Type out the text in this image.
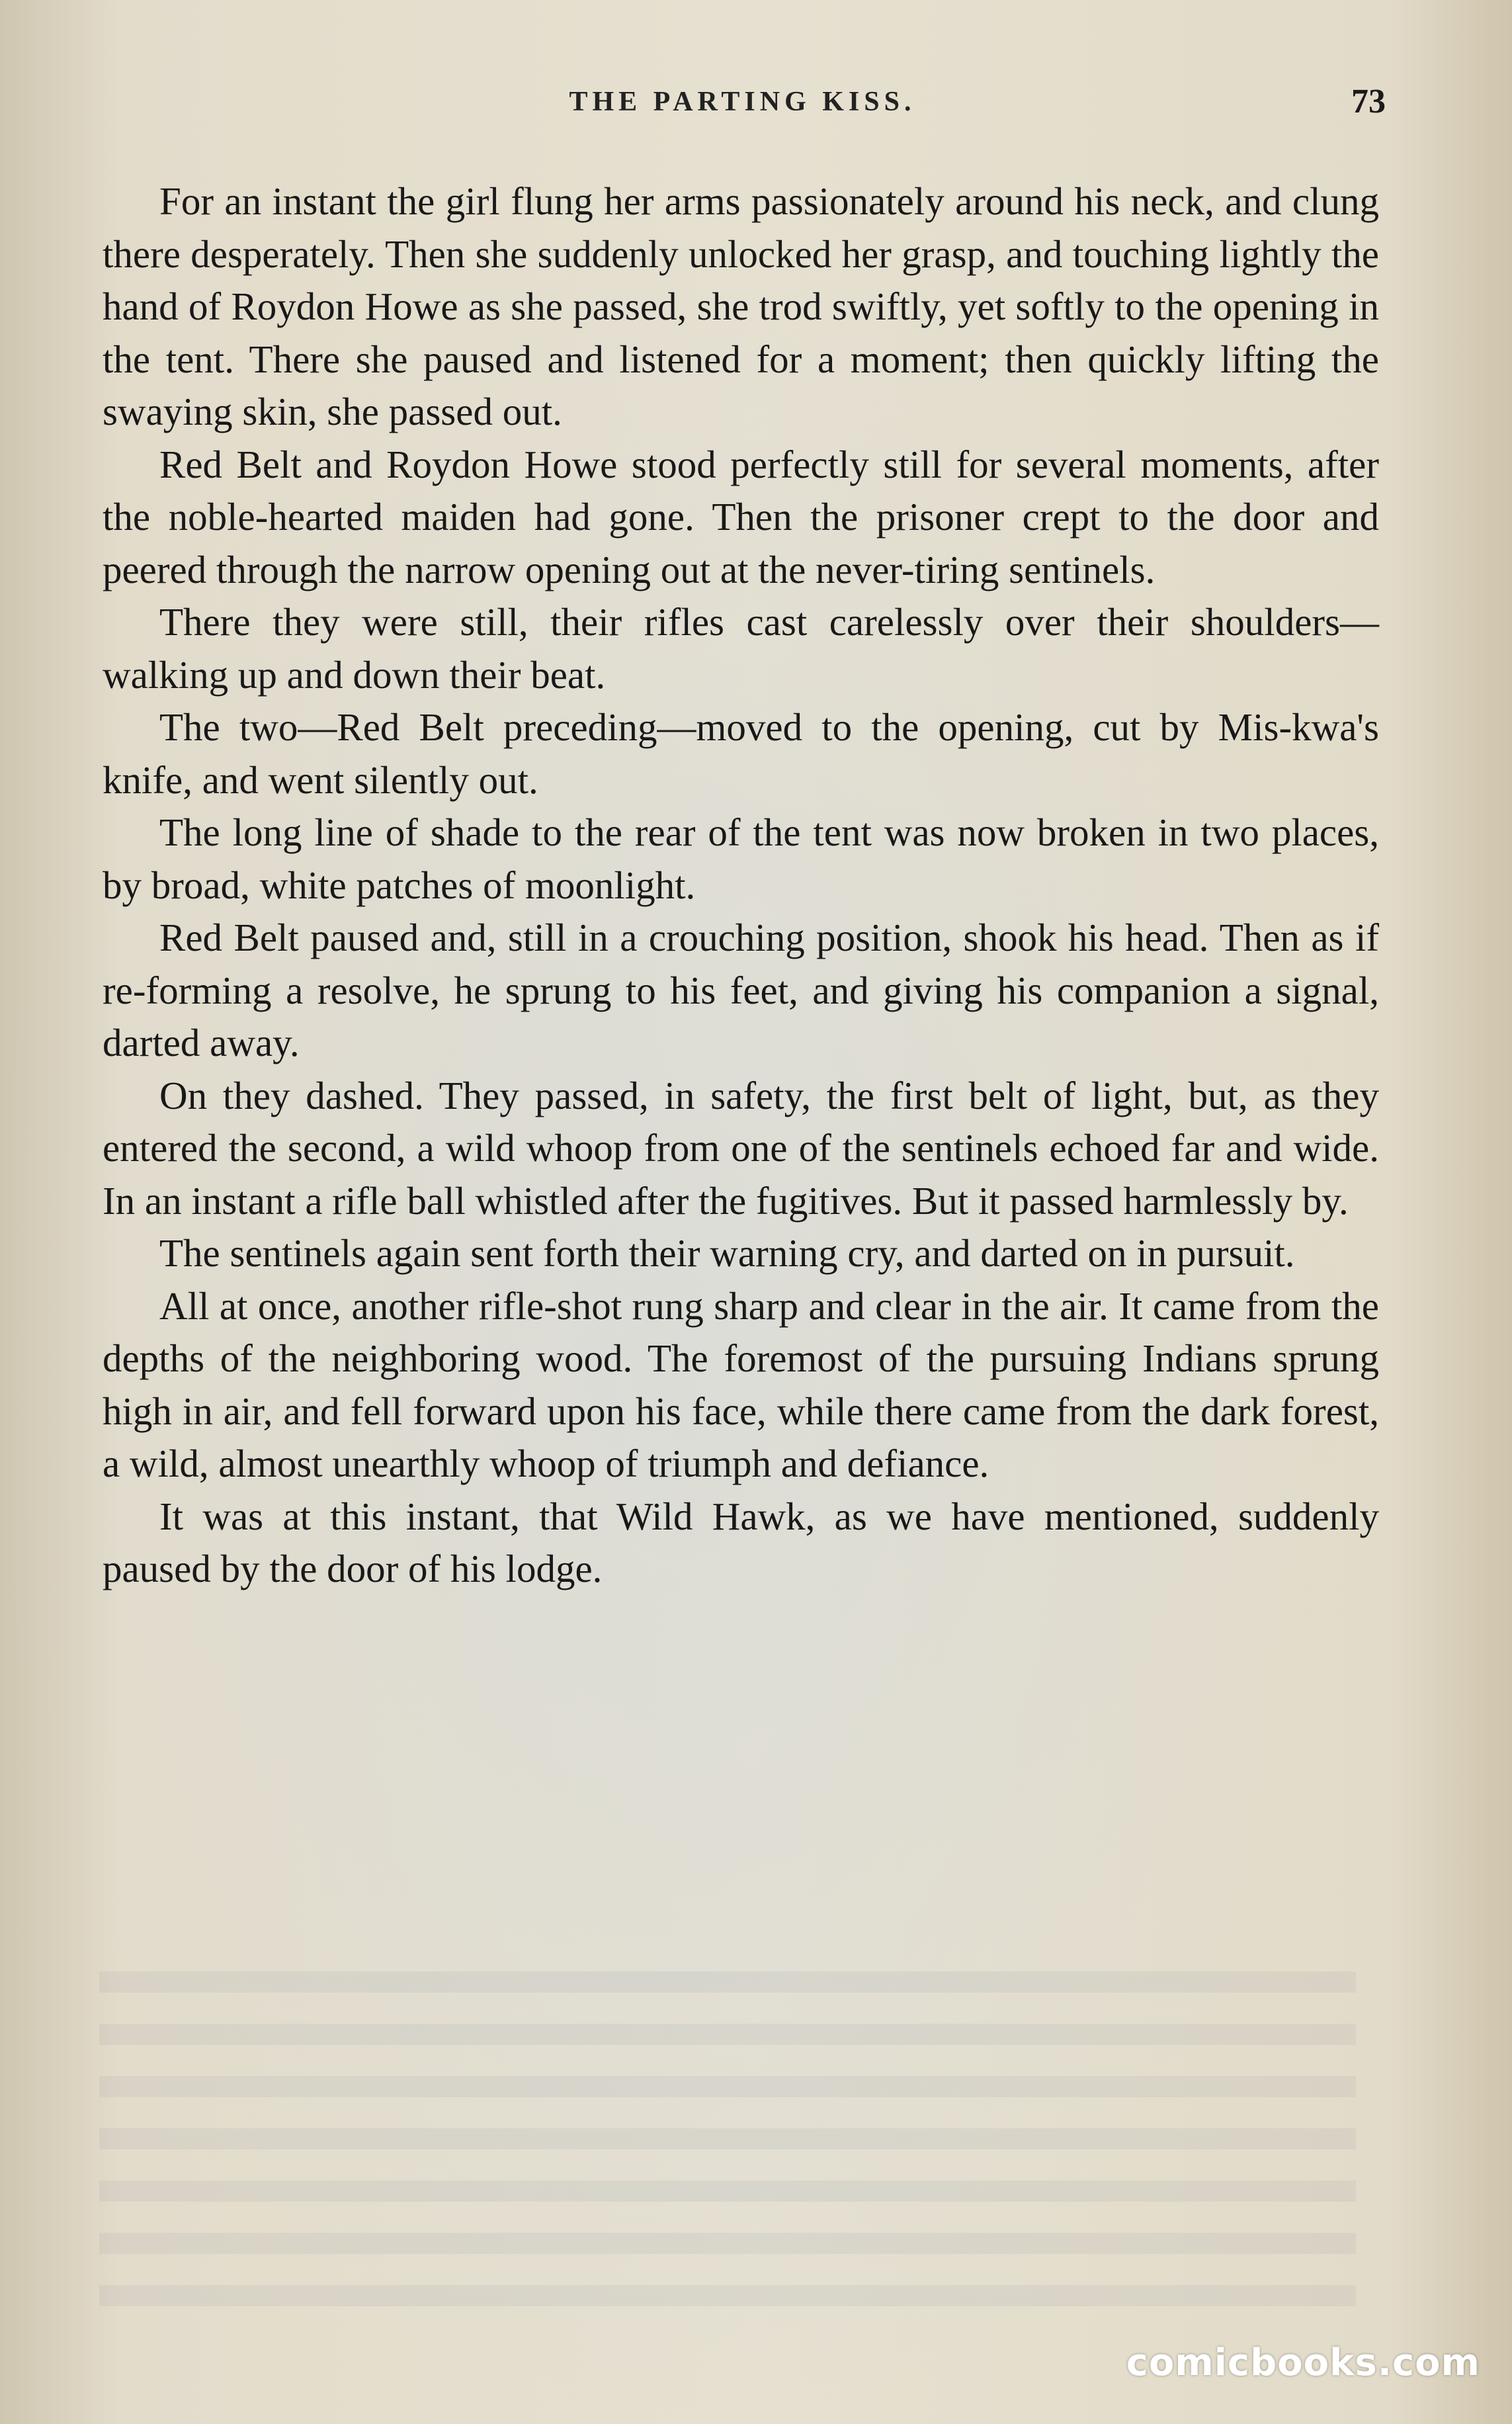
THE PARTING KISS.	73

For an instant the girl flung her arms passionately around his neck, and clung there desperately. Then she suddenly unlocked her grasp, and touching lightly the hand of Roydon Howe as she passed, she trod swiftly, yet softly to the opening in the tent. There she paused and listened for a moment; then quickly lifting the swaying skin, she passed out.

Red Belt and Roydon Howe stood perfectly still for several moments, after the noble-hearted maiden had gone. Then the prisoner crept to the door and peered through the narrow opening out at the never-tiring sentinels.

There they were still, their rifles cast carelessly over their shoulders—walking up and down their beat.

The two—Red Belt preceding—moved to the opening, cut by Mis-kwa's knife, and went silently out.

The long line of shade to the rear of the tent was now broken in two places, by broad, white patches of moonlight.

Red Belt paused and, still in a crouching position, shook his head. Then as if re-forming a resolve, he sprung to his feet, and giving his companion a signal, darted away.

On they dashed. They passed, in safety, the first belt of light, but, as they entered the second, a wild whoop from one of the sentinels echoed far and wide. In an instant a rifle ball whistled after the fugitives. But it passed harmlessly by.

The sentinels again sent forth their warning cry, and darted on in pursuit.

All at once, another rifle-shot rung sharp and clear in the air. It came from the depths of the neighboring wood. The foremost of the pursuing Indians sprung high in air, and fell forward upon his face, while there came from the dark forest, a wild, almost unearthly whoop of triumph and defiance.

It was at this instant, that Wild Hawk, as we have mentioned, suddenly paused by the door of his lodge.

comicbooks.com
